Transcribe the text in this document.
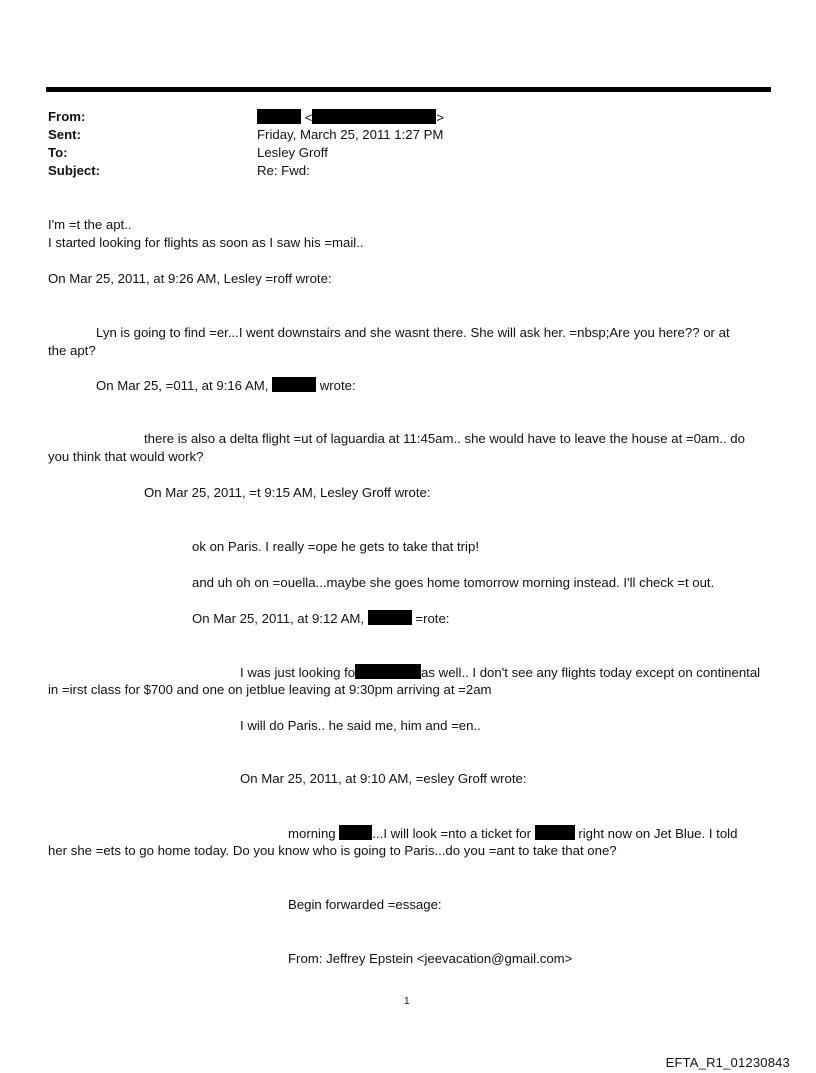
From:	<	>
Sent:	Friday, March 25, 2011 1:27 PM
To:	Lesley Groff
Subject:	Re: Fwd:
I'm =t the apt..
I started looking for flights as soon as I saw his =mail..
On Mar 25, 2011, at 9:26 AM, Lesley =roff wrote:
Lyn is going to find =er...I went downstairs and she wasnt there. She will ask her. =nbsp;Are you here?? or at
the apt?
On Mar 25, =011, at 9:16 AM,	wrote:
there is also a delta flight =ut of laguardia at 11:45am.. she would have to leave the house at =0am.. do
you think that would work?
On Mar 25, 2011, =t 9:15 AM, Lesley Groff wrote:
ok on Paris. I really =ope he gets to take that trip!
and uh oh on =ouella...maybe she goes home tomorrow morning instead. I'll check =t out.
On Mar 25, 2011, at 9:12 AM,	=rote:
I was just looking fo	as well.. I don't see any flights today except on continental
in =irst class for $700 and one on jetblue leaving at 9:30pm arriving at =2am
I will do Paris.. he said me, him and =en..
On Mar 25, 2011, at 9:10 AM, =esley Groff wrote:
morning	...I will look =nto a ticket for	right now on Jet Blue. I told
her she =ets to go home today. Do you know who is going to Paris...do you =ant to take that one?
Begin forwarded =essage:
From: Jeffrey Epstein <jeevacation@gmail.com>
1
EFTA_R1_01230843
